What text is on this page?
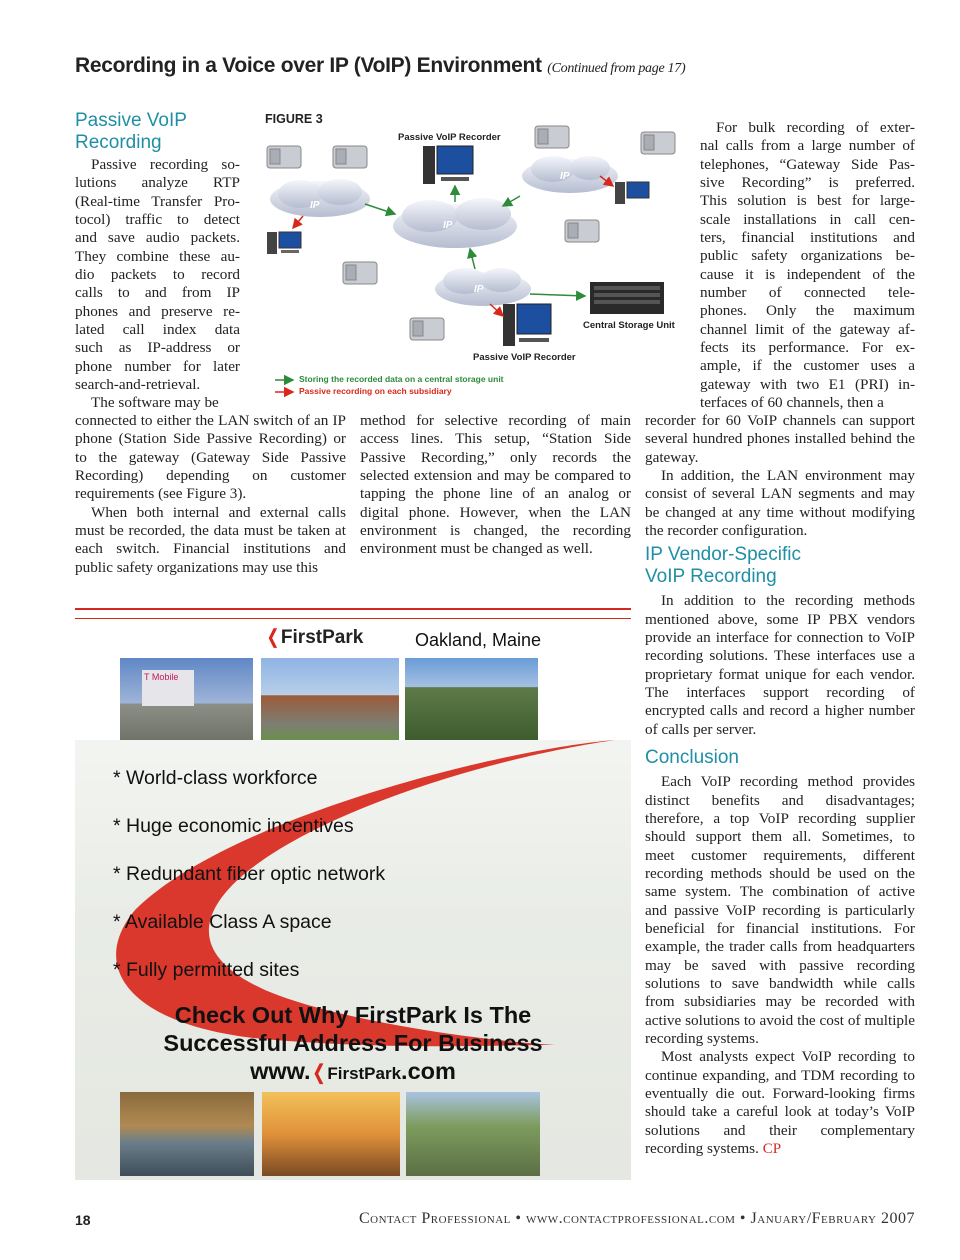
Recording in a Voice over IP (VoIP) Environment (Continued from page 17)
Passive VoIP
Recording
Passive recording so-
lutions analyze RTP
(Real-time Transfer Pro-
tocol) traffic to detect
and save audio packets.
They combine these au-
dio packets to record
calls to and from IP
phones and preserve re-
lated call index data
such as IP-address or
phone number for later
search-and-retrieval.
The software may be

connected to either the LAN switch of an IP phone (Station Side Passive Recording) or to the gateway (Gateway Side Passive Recording) depending on customer requirements (see Figure 3).

When both internal and external calls must be recorded, the data must be taken at each switch. Financial institutions and public safety organizations may use this

method for selective recording of main access lines. This setup, “Station Side Passive Recording,” only records the selected extension and may be compared to tapping the phone line of an analog or digital phone. However, when the LAN environment is changed, the recording environment must be changed as well.

IP
IP
IP
IP
FIGURE 3
Passive VoIP Recorder
Passive VoIP Recorder
Central Storage Unit
Storing the recorded data on a central storage unit
Passive recording on each subsidiary
For bulk recording of exter-
nal calls from a large number of
telephones, “Gateway Side Pas-
sive Recording” is preferred.
This solution is best for large-
scale installations in call cen-
ters, financial institutions and
public safety organizations be-
cause it is independent of the
number of connected tele-
phones. Only the maximum
channel limit of the gateway af-
fects its performance. For ex-
ample, if the customer uses a
gateway with two E1 (PRI) in-
terfaces of 60 channels, then a

recorder for 60 VoIP channels can support several hundred phones installed behind the gateway.

In addition, the LAN environment may consist of several LAN segments and may be changed at any time without modifying the recorder configuration.

IP Vendor-Specific
VoIP Recording

In addition to the recording methods mentioned above, some IP PBX vendors provide an interface for connection to VoIP recording solutions. These interfaces use a proprietary format unique for each vendor. The interfaces support recording of encrypted calls and record a higher number of calls per server.

Conclusion

Each VoIP recording method provides distinct benefits and disadvantages; therefore, a top VoIP recording supplier should support them all. Sometimes, to meet customer requirements, different recording methods should be used on the same system. The combination of active and passive VoIP recording is particularly beneficial for financial institutions. For example, the trader calls from headquarters may be saved with passive recording solutions to save bandwidth while calls from subsidiaries may be recorded with active solutions to avoid the cost of multiple recording systems.

Most analysts expect VoIP recording to continue expanding, and TDM recording to eventually die out. Forward-looking firms should take a careful look at today’s VoIP solutions and their complementary recording systems. CP

❬FirstPark	Oakland, Maine
T Mobile
* World-class workforce
* Huge economic incentives
* Redundant fiber optic network
* Available Class A space
* Fully permitted sites
Check Out Why FirstPark Is The
Successful Address For Business
www.❬FirstPark.com
18	Contact Professional • www.contactprofessional.com • January/February 2007
